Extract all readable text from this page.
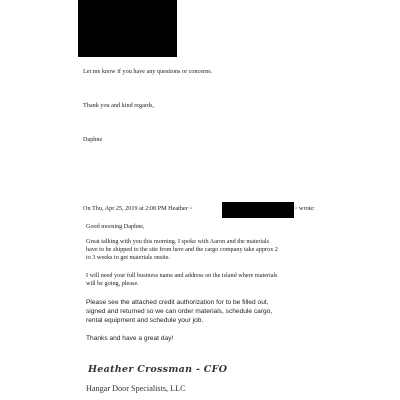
Let me know if you have any questions or concerns.
Thank you and kind regards,
Daphne
On Thu, Apr 25, 2019 at 2:08 PM Heather <	> wrote:
Good morning Daphne,
Great talking with you this morning. I spoke with Aaron and the materials
have to be shipped to the site from here and the cargo company take approx 2
to 3 weeks to get materials onsite.
I will need your full business name and address on the island where materials
will be going, please.
Please see the attached credit authorization for to be filled out,
signed and returned so we can order materials, schedule cargo,
rental equipment and schedule your job.
Thanks and have a great day!
Heather Crossman - CFO
Hangar Door Specialists, LLC
